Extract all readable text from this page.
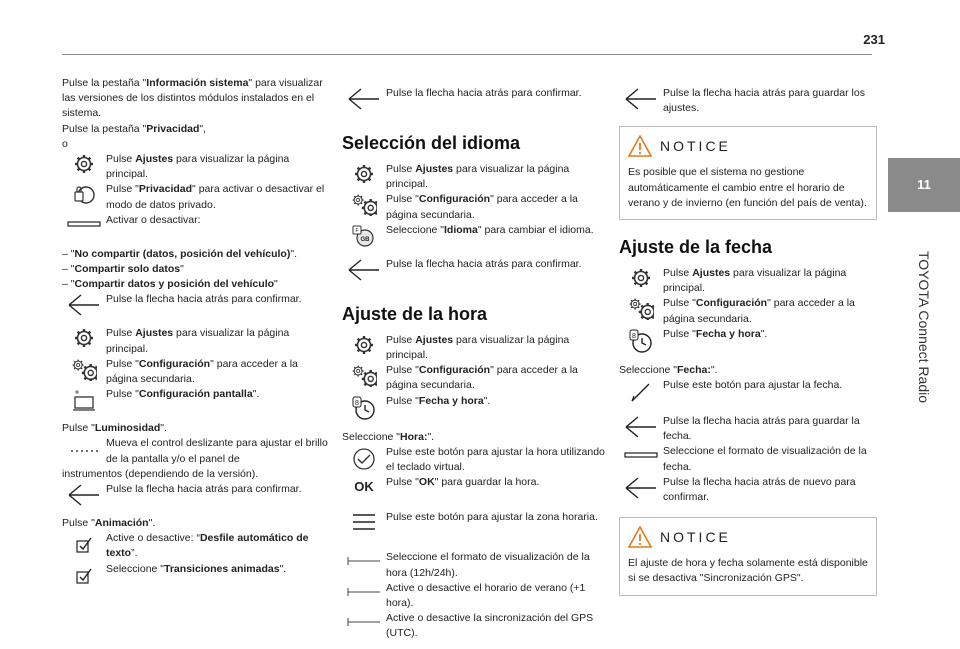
231
11
TOYOTA Connect Radio

Pulse la pestaña "Información sistema" para visualizar las versiones de los distintos módulos instalados en el sistema.

Pulse la pestaña "Privacidad",

o

Pulse Ajustes para visualizar la página principal.

Pulse "Privacidad" para activar o desactivar el modo de datos privado.

Activar o desactivar:

– "No compartir (datos, posición del vehículo)".

– "Compartir solo datos"

– "Compartir datos y posición del vehículo"

Pulse la flecha hacia atrás para confirmar.

Pulse Ajustes para visualizar la página principal.

Pulse "Configuración" para acceder a la página secundaria.

Pulse "Configuración pantalla".

Pulse "Luminosidad".

Mueva el control deslizante para ajustar el brillo de la pantalla y/o el panel de

instrumentos (dependiendo de la versión).

Pulse la flecha hacia atrás para confirmar.

Pulse "Animación".

Active o desactive: “Desfile automático de texto”.

Seleccione "Transiciones animadas".

Pulse la flecha hacia atrás para confirmar.

Selección del idioma

Pulse Ajustes para visualizar la página principal.

Pulse "Configuración" para acceder a la página secundaria.

Seleccione "Idioma" para cambiar el idioma.

Pulse la flecha hacia atrás para confirmar.

Ajuste de la hora

Pulse Ajustes para visualizar la página principal.

Pulse "Configuración" para acceder a la página secundaria.

Pulse "Fecha y hora".

Seleccione "Hora:".

Pulse este botón para ajustar la hora utilizando el teclado virtual.

OK	Pulse "OK" para guardar la hora.

Pulse este botón para ajustar la zona horaria.

Seleccione el formato de visualización de la hora (12h/24h).

Active o desactive el horario de verano (+1 hora).

Active o desactive la sincronización del GPS (UTC).

Pulse la flecha hacia atrás para guardar los ajustes.

NOTICE

Es posible que el sistema no gestione automáticamente el cambio entre el horario de verano y de invierno (en función del país de venta).

Ajuste de la fecha

Pulse Ajustes para visualizar la página principal.

Pulse "Configuración" para acceder a la página secundaria.

Pulse "Fecha y hora".

Seleccione "Fecha:".

Pulse este botón para ajustar la fecha.

Pulse la flecha hacia atrás para guardar la fecha.

Seleccione el formato de visualización de la fecha.

Pulse la flecha hacia atrás de nuevo para confirmar.

NOTICE

El ajuste de hora y fecha solamente está disponible si se desactiva "Sincronización GPS".
